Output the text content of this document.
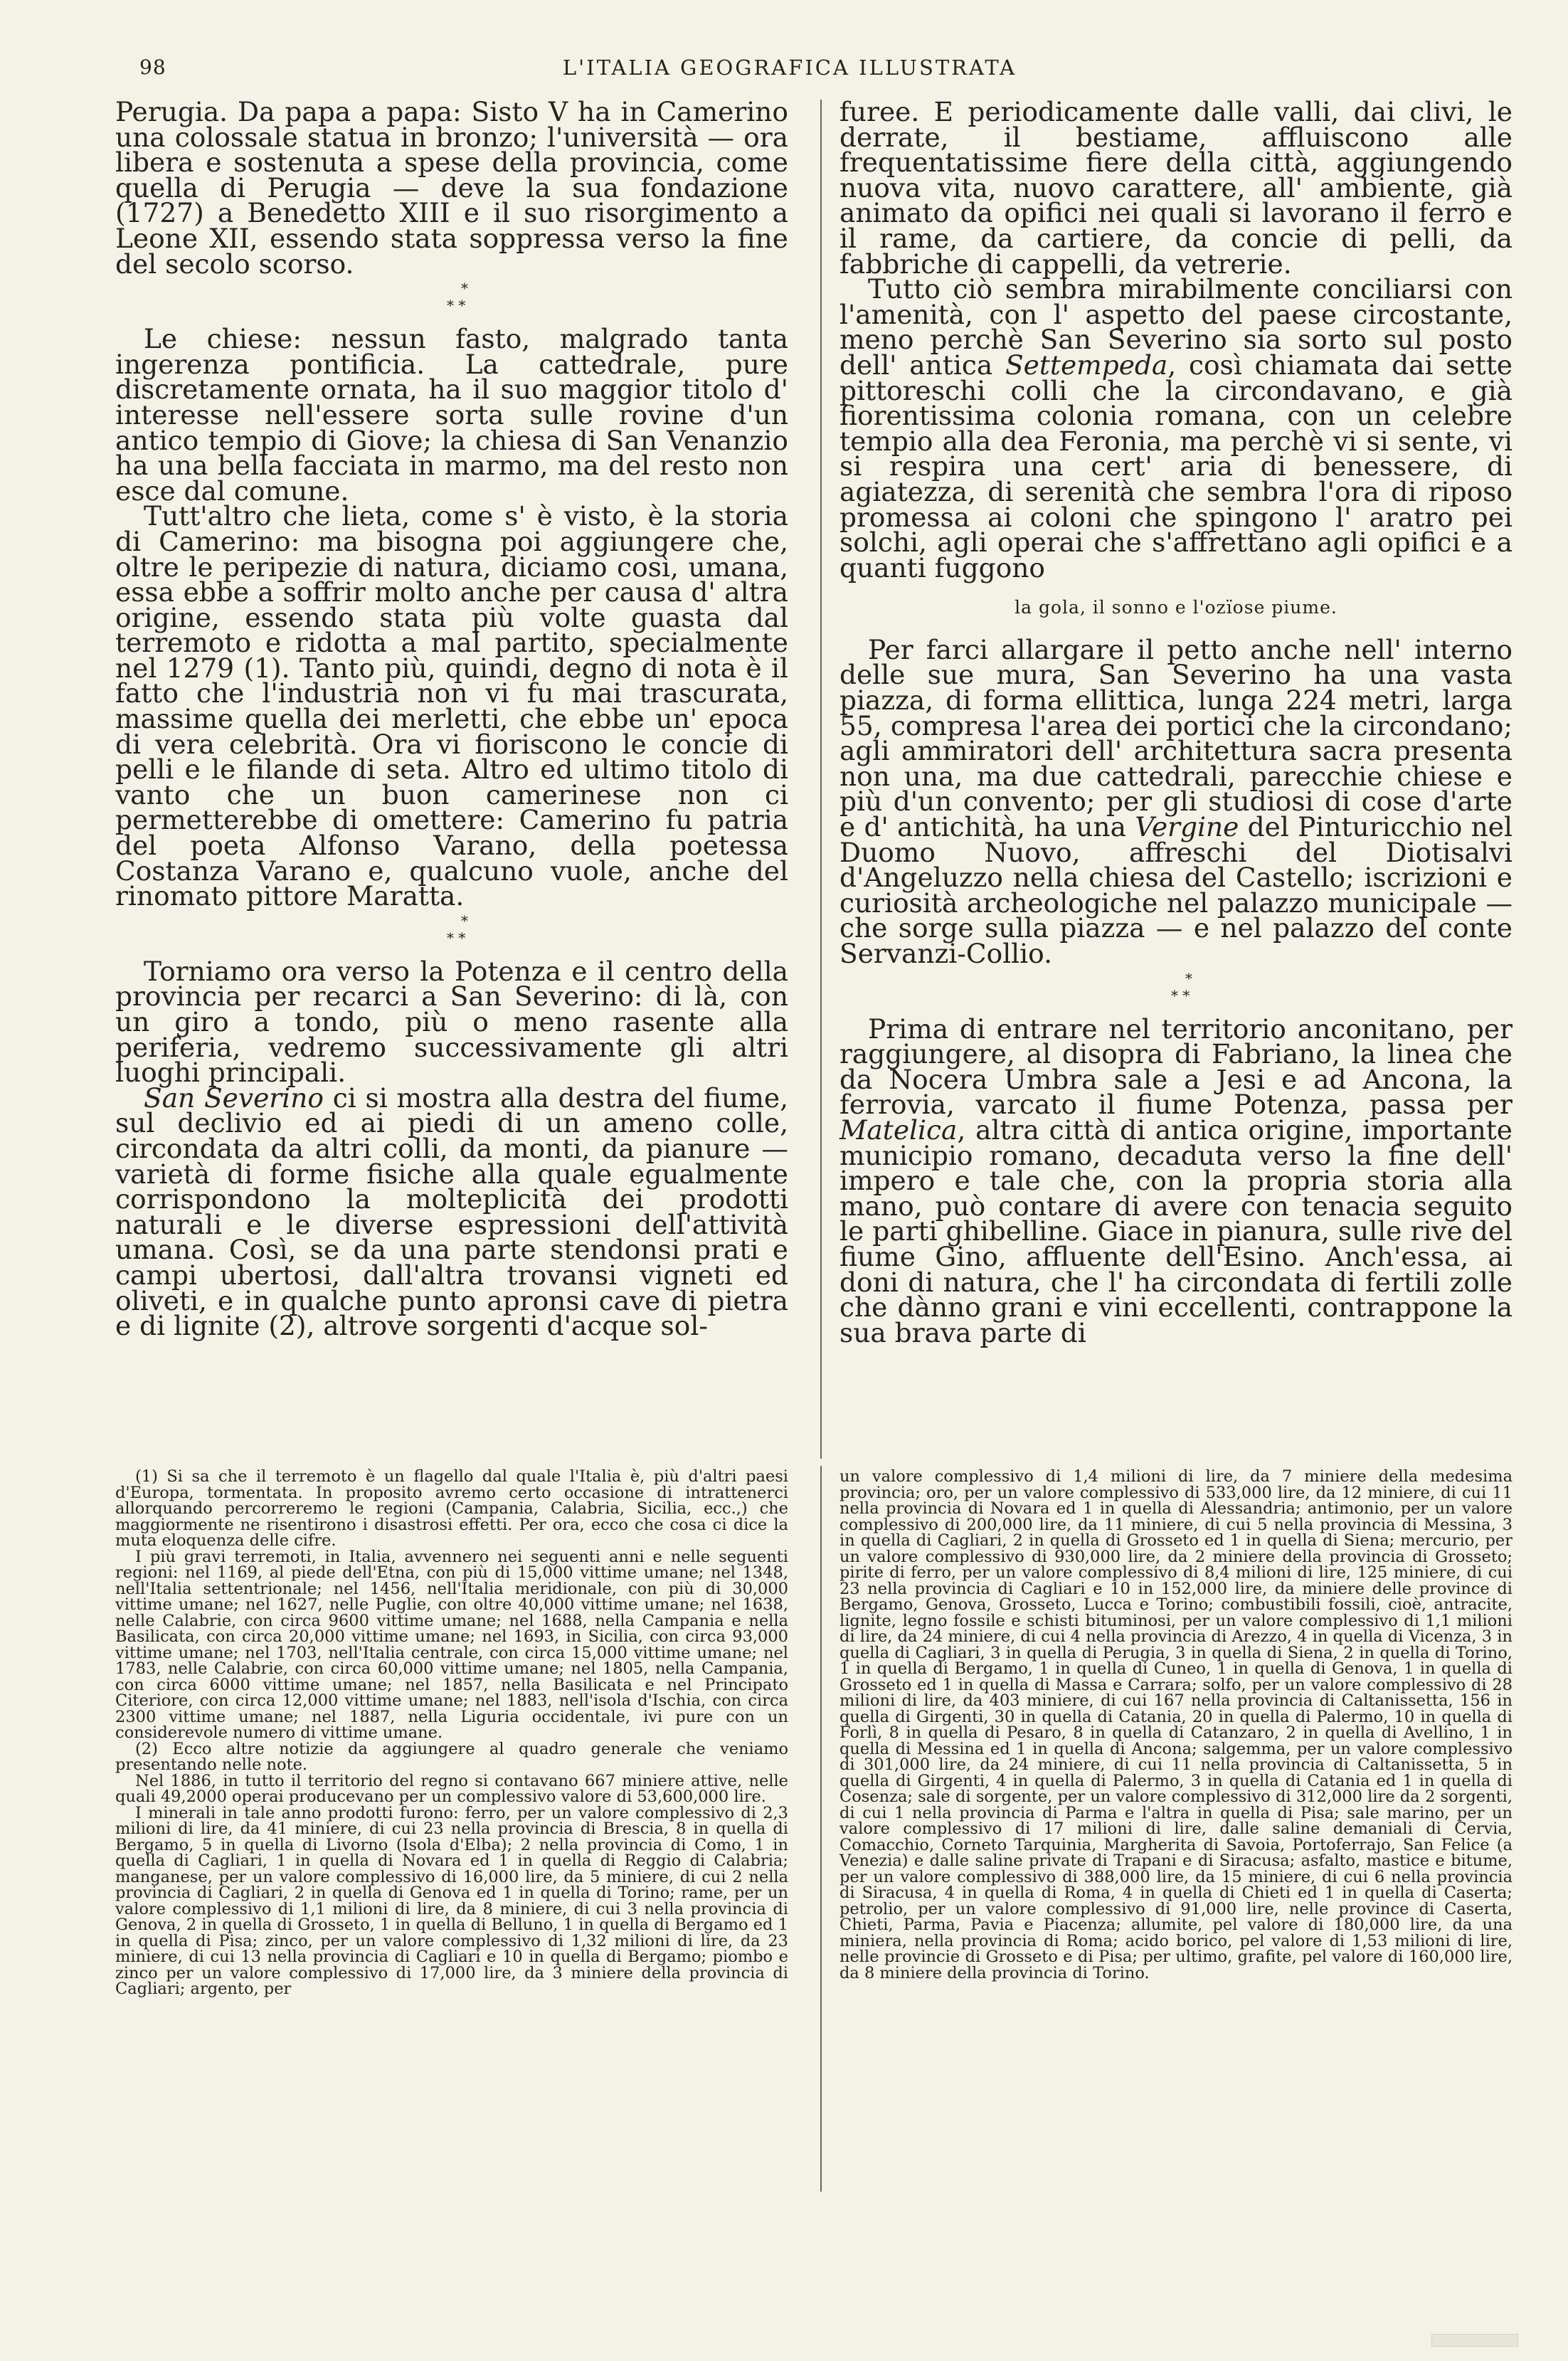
98	L'ITALIA GEOGRAFICA ILLUSTRATA

Perugia. Da papa a papa: Sisto V ha in Camerino una colossale statua in bronzo; l'università — ora libera e sostenuta a spese della provincia, come quella di Perugia — deve la sua fondazione (1727) a Benedetto XIII e il suo risorgimento a Leone XII, essendo stata soppressa verso la fine del secolo scorso.

*
* *

Le chiese: nessun fasto, malgrado tanta ingerenza pontificia. La cattedrale, pure discretamente ornata, ha il suo maggior titolo d' interesse nell'essere sorta sulle rovine d'un antico tempio di Giove; la chiesa di San Venanzio ha una bella facciata in marmo, ma del resto non esce dal comune.

Tutt'altro che lieta, come s' è visto, è la storia di Camerino: ma bisogna poi aggiungere che, oltre le peripezie di natura, diciamo così, umana, essa ebbe a soffrir molto anche per causa d' altra origine, essendo stata più volte guasta dal terremoto e ridotta a mal partito, specialmente nel 1279 (1). Tanto più, quindi, degno di nota è il fatto che l'industria non vi fu mai trascurata, massime quella dei merletti, che ebbe un' epoca di vera celebrità. Ora vi fioriscono le concie di pelli e le filande di seta. Altro ed ultimo titolo di vanto che un buon camerinese non ci permetterebbe di omettere: Camerino fu patria del poeta Alfonso Varano, della poetessa Costanza Varano e, qualcuno vuole, anche del rinomato pittore Maratta.

*
* *

Torniamo ora verso la Potenza e il centro della provincia per recarci a San Severino: di là, con un giro a tondo, più o meno rasente alla periferia, vedremo successivamente gli altri luoghi principali.

San Severino ci si mostra alla destra del fiume, sul declivio ed ai piedi di un ameno colle, circondata da altri colli, da monti, da pianure — varietà di forme fisiche alla quale egualmente corrispondono la molteplicità dei prodotti naturali e le diverse espressioni dell'attività umana. Così, se da una parte stendonsi prati e campi ubertosi, dall'altra trovansi vigneti ed oliveti, e in qualche punto apronsi cave di pietra e di lignite (2), altrove sorgenti d'acque sol-

furee. E periodicamente dalle valli, dai clivi, le derrate, il bestiame, affluiscono alle frequentatissime fiere della città, aggiungendo nuova vita, nuovo carattere, all' ambiente, già animato da opifici nei quali si lavorano il ferro e il rame, da cartiere, da concie di pelli, da fabbriche di cappelli, da vetrerie.

Tutto ciò sembra mirabilmente conciliarsi con l'amenità, con l' aspetto del paese circostante, meno perchè San Severino sia sorto sul posto dell' antica Settempeda, così chiamata dai sette pittoreschi colli che la circondavano, e già fiorentissima colonia romana, con un celebre tempio alla dea Feronia, ma perchè vi si sente, vi si respira una cert' aria di benessere, di agiatezza, di serenità che sembra l'ora di riposo promessa ai coloni che spingono l' aratro pei solchi, agli operai che s'affrettano agli opifici e a quanti fuggono

la gola, il sonno e l'ozïose piume.

Per farci allargare il petto anche nell' interno delle sue mura, San Severino ha una vasta piazza, di forma ellittica, lunga 224 metri, larga 55, compresa l'area dei portici che la circondano; agli ammiratori dell' architettura sacra presenta non una, ma due cattedrali, parecchie chiese e più d'un convento; per gli studiosi di cose d'arte e d' antichità, ha una Vergine del Pinturicchio nel Duomo Nuovo, affreschi del Diotisalvi d'Angeluzzo nella chiesa del Castello; iscrizioni e curiosità archeologiche nel palazzo municipale — che sorge sulla piazza — e nel palazzo del conte Servanzi-Collio.

*
* *

Prima di entrare nel territorio anconitano, per raggiungere, al disopra di Fabriano, la linea che da Nocera Umbra sale a Jesi e ad Ancona, la ferrovia, varcato il fiume Potenza, passa per Matelica, altra città di antica origine, importante municipio romano, decaduta verso la fine dell' impero e tale che, con la propria storia alla mano, può contare di avere con tenacia seguito le parti ghibelline. Giace in pianura, sulle rive del fiume Gino, affluente dell'Esino. Anch'essa, ai doni di natura, che l' ha circondata di fertili zolle che dànno grani e vini eccellenti, contrappone la sua brava parte di

(1) Si sa che il terremoto è un flagello dal quale l'Italia è, più d'altri paesi d'Europa, tormentata. In proposito avremo certo occasione di intrattenerci allorquando percorreremo le regioni (Campania, Calabria, Sicilia, ecc.,) che maggiormente ne risentirono i disastrosi effetti. Per ora, ecco che cosa ci dice la muta eloquenza delle cifre.

I più gravi terremoti, in Italia, avvennero nei seguenti anni e nelle seguenti regioni: nel 1169, al piede dell'Etna, con più di 15,000 vittime umane; nel 1348, nell'Italia settentrionale; nel 1456, nell'Italia meridionale, con più di 30,000 vittime umane; nel 1627, nelle Puglie, con oltre 40,000 vittime umane; nel 1638, nelle Calabrie, con circa 9600 vittime umane; nel 1688, nella Campania e nella Basilicata, con circa 20,000 vittime umane; nel 1693, in Sicilia, con circa 93,000 vittime umane; nel 1703, nell'Italia centrale, con circa 15,000 vittime umane; nel 1783, nelle Calabrie, con circa 60,000 vittime umane; nel 1805, nella Campania, con circa 6000 vittime umane; nel 1857, nella Basilicata e nel Principato Citeriore, con circa 12,000 vittime umane; nel 1883, nell'isola d'Ischia, con circa 2300 vittime umane; nel 1887, nella Liguria occidentale, ivi pure con un considerevole numero di vittime umane.

(2) Ecco altre notizie da aggiungere al quadro generale che veniamo presentando nelle note.

Nel 1886, in tutto il territorio del regno si contavano 667 miniere attive, nelle quali 49,2000 operai producevano per un complessivo valore di 53,600,000 lire.

I minerali in tale anno prodotti furono: ferro, per un valore complessivo di 2,3 milioni di lire, da 41 miniere, di cui 23 nella provincia di Brescia, 8 in quella di Bergamo, 5 in quella di Livorno (Isola d'Elba); 2 nella provincia di Como, 1 in quella di Cagliari, 1 in quella di Novara ed 1 in quella di Reggio di Calabria; manganese, per un valore complessivo di 16,000 lire, da 5 miniere, di cui 2 nella provincia di Cagliari, 2 in quella di Genova ed 1 in quella di Torino; rame, per un valore complessivo di 1,1 milioni di lire, da 8 miniere, di cui 3 nella provincia di Genova, 2 in quella di Grosseto, 1 in quella di Belluno, 1 in quella di Bergamo ed 1 in quella di Pisa; zinco, per un valore complessivo di 1,32 milioni di lire, da 23 miniere, di cui 13 nella provincia di Cagliari e 10 in quella di Bergamo; piombo e zinco per un valore complessivo di 17,000 lire, da 3 miniere della provincia di Cagliari; argento, per

un valore complessivo di 1,4 milioni di lire, da 7 miniere della medesima provincia; oro, per un valore complessivo di 533,000 lire, da 12 miniere, di cui 11 nella provincia di Novara ed 1 in quella di Alessandria; antimonio, per un valore complessivo di 200,000 lire, da 11 miniere, di cui 5 nella provincia di Messina, 3 in quella di Cagliari, 2 in quella di Grosseto ed 1 in quella di Siena; mercurio, per un valore complessivo di 930,000 lire, da 2 miniere della provincia di Grosseto; pirite di ferro, per un valore complessivo di 8,4 milioni di lire, 125 miniere, di cui 23 nella provincia di Cagliari e 10 in 152,000 lire, da miniere delle province di Bergamo, Genova, Grosseto, Lucca e Torino; combustibili fossili, cioè, antracite, lignite, legno fossile e schisti bituminosi, per un valore complessivo di 1,1 milioni di lire, da 24 miniere, di cui 4 nella provincia di Arezzo, 4 in quella di Vicenza, 3 in quella di Cagliari, 3 in quella di Perugia, 3 in quella di Siena, 2 in quella di Torino, 1 in quella di Bergamo, 1 in quella di Cuneo, 1 in quella di Genova, 1 in quella di Grosseto ed 1 in quella di Massa e Carrara; solfo, per un valore complessivo di 28 milioni di lire, da 403 miniere, di cui 167 nella provincia di Caltanissetta, 156 in quella di Girgenti, 30 in quella di Catania, 20 in quella di Palermo, 10 in quella di Forlì, 8 in quella di Pesaro, 8 in quella di Catanzaro, 2 in quella di Avellino, 1 in quella di Messina ed 1 in quella di Ancona; salgemma, per un valore complessivo di 301,000 lire, da 24 miniere, di cui 11 nella provincia di Caltanissetta, 5 in quella di Girgenti, 4 in quella di Palermo, 3 in quella di Catania ed 1 in quella di Cosenza; sale di sorgente, per un valore complessivo di 312,000 lire da 2 sorgenti, di cui 1 nella provincia di Parma e l'altra in quella di Pisa; sale marino, per un valore complessivo di 17 milioni di lire, dalle saline demaniali di Cervia, Comacchio, Corneto Tarquinia, Margherita di Savoia, Portoferrajo, San Felice (a Venezia) e dalle saline private di Trapani e di Siracusa; asfalto, mastice e bitume, per un valore complessivo di 388,000 lire, da 15 miniere, di cui 6 nella provincia di Siracusa, 4 in quella di Roma, 4 in quella di Chieti ed 1 in quella di Caserta; petrolio, per un valore complessivo di 91,000 lire, nelle province di Caserta, Chieti, Parma, Pavia e Piacenza; allumite, pel valore di 180,000 lire, da una miniera, nella provincia di Roma; acido borico, pel valore di 1,53 milioni di lire, nelle provincie di Grosseto e di Pisa; per ultimo, grafite, pel valore di 160,000 lire, da 8 miniere della provincia di Torino.
